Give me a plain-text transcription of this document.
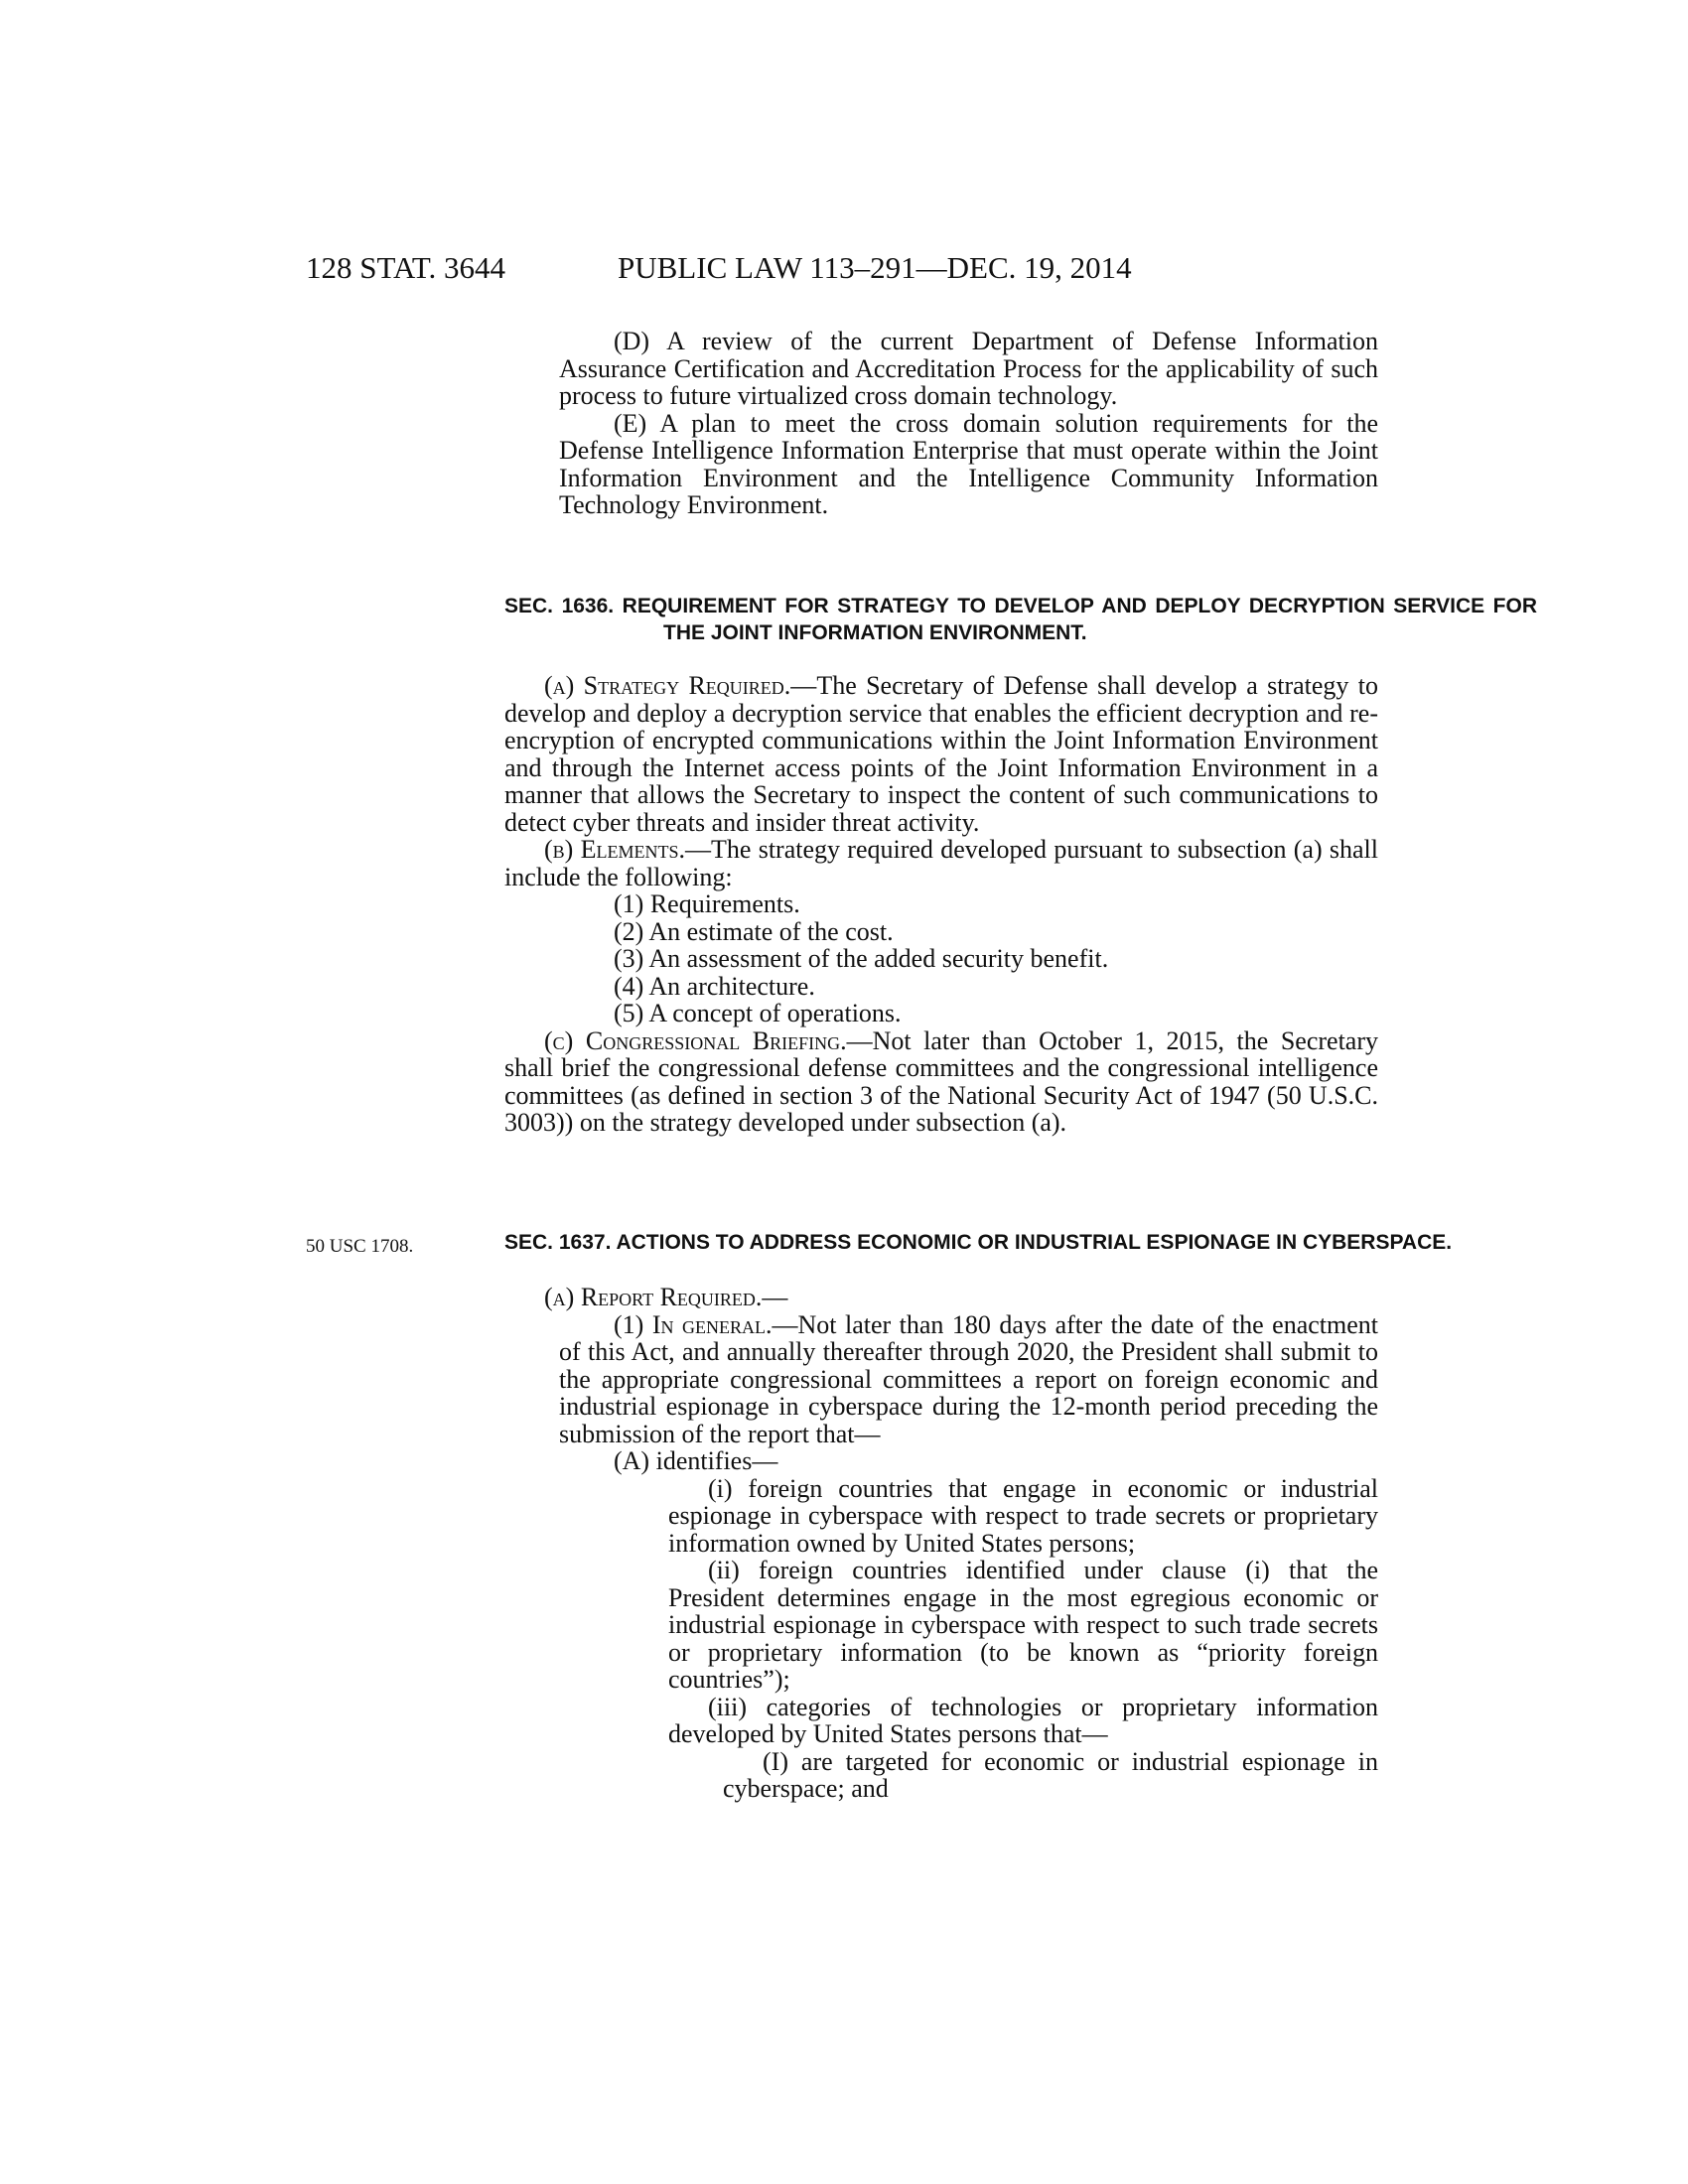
128 STAT. 3644	PUBLIC LAW 113–291—DEC. 19, 2014

(D) A review of the current Department of Defense Information Assurance Certification and Accreditation Process for the applicability of such process to future virtualized cross domain technology.

(E) A plan to meet the cross domain solution requirements for the Defense Intelligence Information Enterprise that must operate within the Joint Information Environment and the Intelligence Community Information Technology Environment.

SEC. 1636. REQUIREMENT FOR STRATEGY TO DEVELOP AND DEPLOY DECRYPTION SERVICE FOR THE JOINT INFORMATION ENVIRONMENT.

(a) Strategy Required.—The Secretary of Defense shall develop a strategy to develop and deploy a decryption service that enables the efficient decryption and re-encryption of encrypted communications within the Joint Information Environment and through the Internet access points of the Joint Information Environment in a manner that allows the Secretary to inspect the content of such communications to detect cyber threats and insider threat activity.

(b) Elements.—The strategy required developed pursuant to subsection (a) shall include the following:

(1) Requirements.

(2) An estimate of the cost.

(3) An assessment of the added security benefit.

(4) An architecture.

(5) A concept of operations.

(c) Congressional Briefing.—Not later than October 1, 2015, the Secretary shall brief the congressional defense committees and the congressional intelligence committees (as defined in section 3 of the National Security Act of 1947 (50 U.S.C. 3003)) on the strategy developed under subsection (a).

50 USC 1708.	SEC. 1637. ACTIONS TO ADDRESS ECONOMIC OR INDUSTRIAL ESPIONAGE IN CYBERSPACE.

(a) Report Required.—

(1) In general.—Not later than 180 days after the date of the enactment of this Act, and annually thereafter through 2020, the President shall submit to the appropriate congressional committees a report on foreign economic and industrial espionage in cyberspace during the 12-month period preceding the submission of the report that—

(A) identifies—

(i) foreign countries that engage in economic or industrial espionage in cyberspace with respect to trade secrets or proprietary information owned by United States persons;

(ii) foreign countries identified under clause (i) that the President determines engage in the most egregious economic or industrial espionage in cyberspace with respect to such trade secrets or proprietary information (to be known as “priority foreign countries”);

(iii) categories of technologies or proprietary information developed by United States persons that—

(I) are targeted for economic or industrial espionage in cyberspace; and
